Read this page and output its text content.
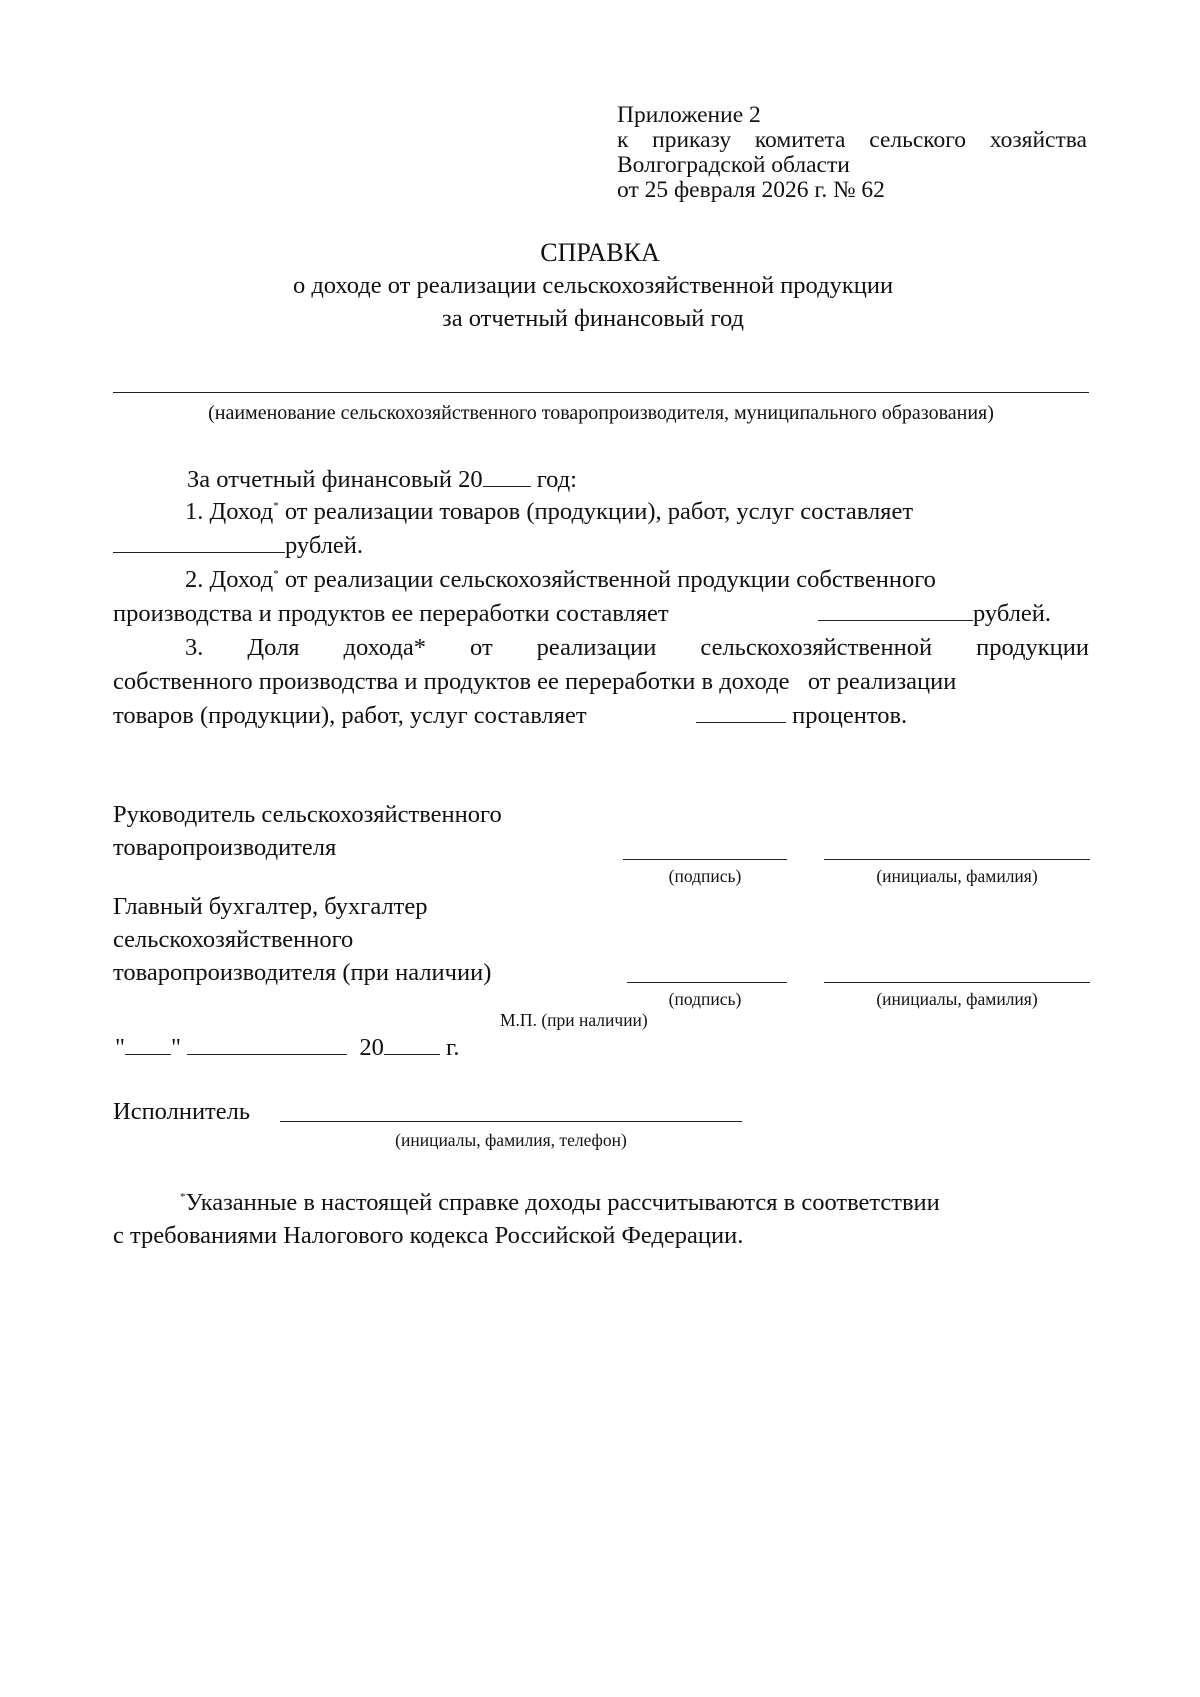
Приложение 2
к приказу комитета сельского хозяйства
Волгоградской области
от 25 февраля 2026 г. № 62
СПРАВКА
о доходе от реализации сельскохозяйственной продукции
за отчетный финансовый год
(наименование сельскохозяйственного товаропроизводителя, муниципального образования)
За отчетный финансовый 20 год:
1. Доход* от реализации товаров (продукции), работ, услуг составляет
рублей.
2. Доход* от реализации сельскохозяйственной продукции собственного
производства и продуктов ее переработки составляет	рублей.
3. Доля дохода* от реализации сельскохозяйственной продукции
собственного производства и продуктов ее переработки в доходе   от реализации
товаров (продукции), работ, услуг составляет	процентов.
Руководитель сельскохозяйственного
товаропроизводителя
(подпись)	(инициалы, фамилия)
Главный бухгалтер, бухгалтер
сельскохозяйственного
товаропроизводителя (при наличии)
(подпись)	(инициалы, фамилия)
М.П. (при наличии)
" "	20	г.
Исполнитель
(инициалы, фамилия, телефон)
*Указанные в настоящей справке доходы рассчитываются в соответствии
с требованиями Налогового кодекса Российской Федерации.
